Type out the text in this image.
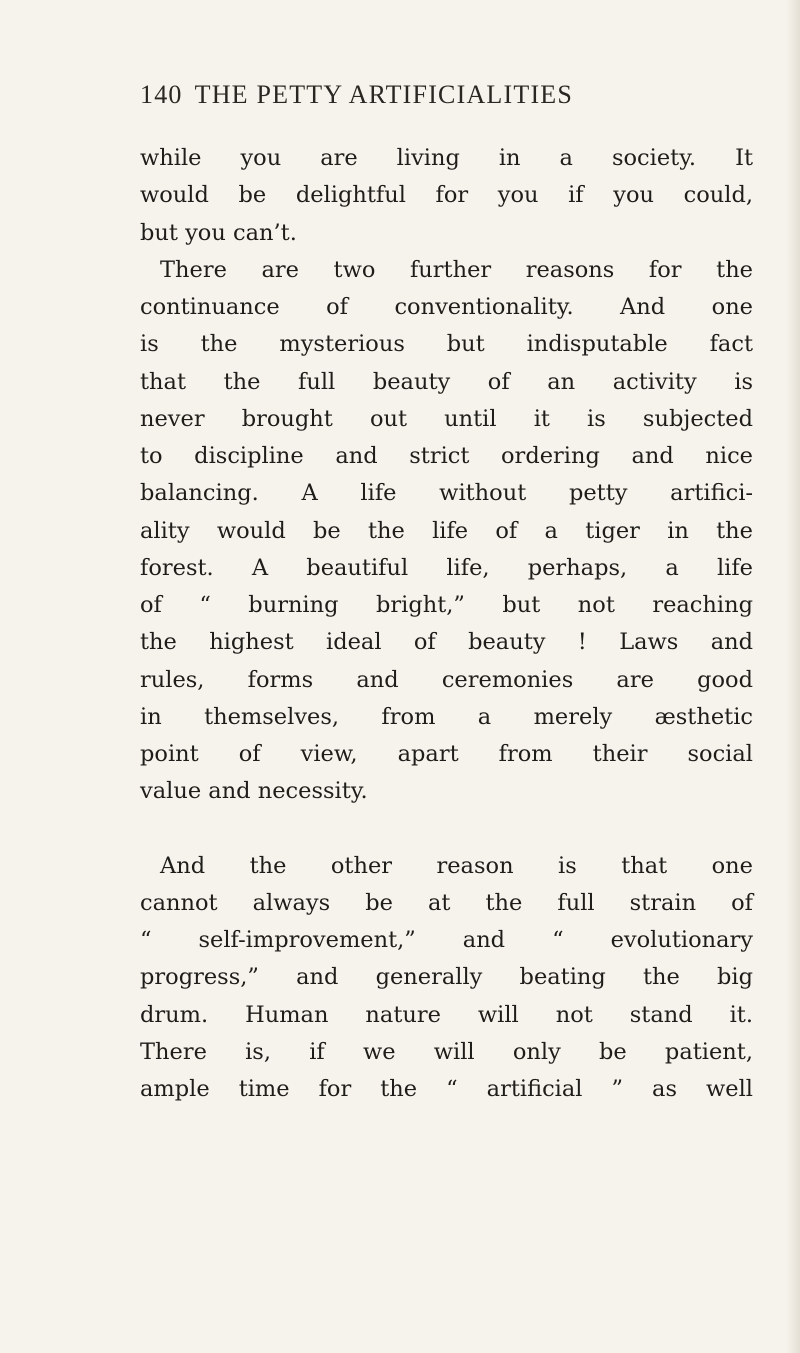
140 THE PETTY ARTIFICIALITIES
while you are living in a society. It
would be delightful for you if you could,
but you can’t.
There are two further reasons for the
continuance of conventionality. And one
is the mysterious but indisputable fact
that the full beauty of an activity is
never brought out until it is subjected
to discipline and strict ordering and nice
balancing. A life without petty artifici-
ality would be the life of a tiger in the
forest. A beautiful life, perhaps, a life
of “ burning bright,” but not reaching
the highest ideal of beauty ! Laws and
rules, forms and ceremonies are good
in themselves, from a merely æsthetic
point of view, apart from their social
value and necessity.
And the other reason is that one
cannot always be at the full strain of
“ self-improvement,” and “ evolutionary
progress,” and generally beating the big
drum. Human nature will not stand it.
There is, if we will only be patient,
ample time for the “ artificial ” as well
